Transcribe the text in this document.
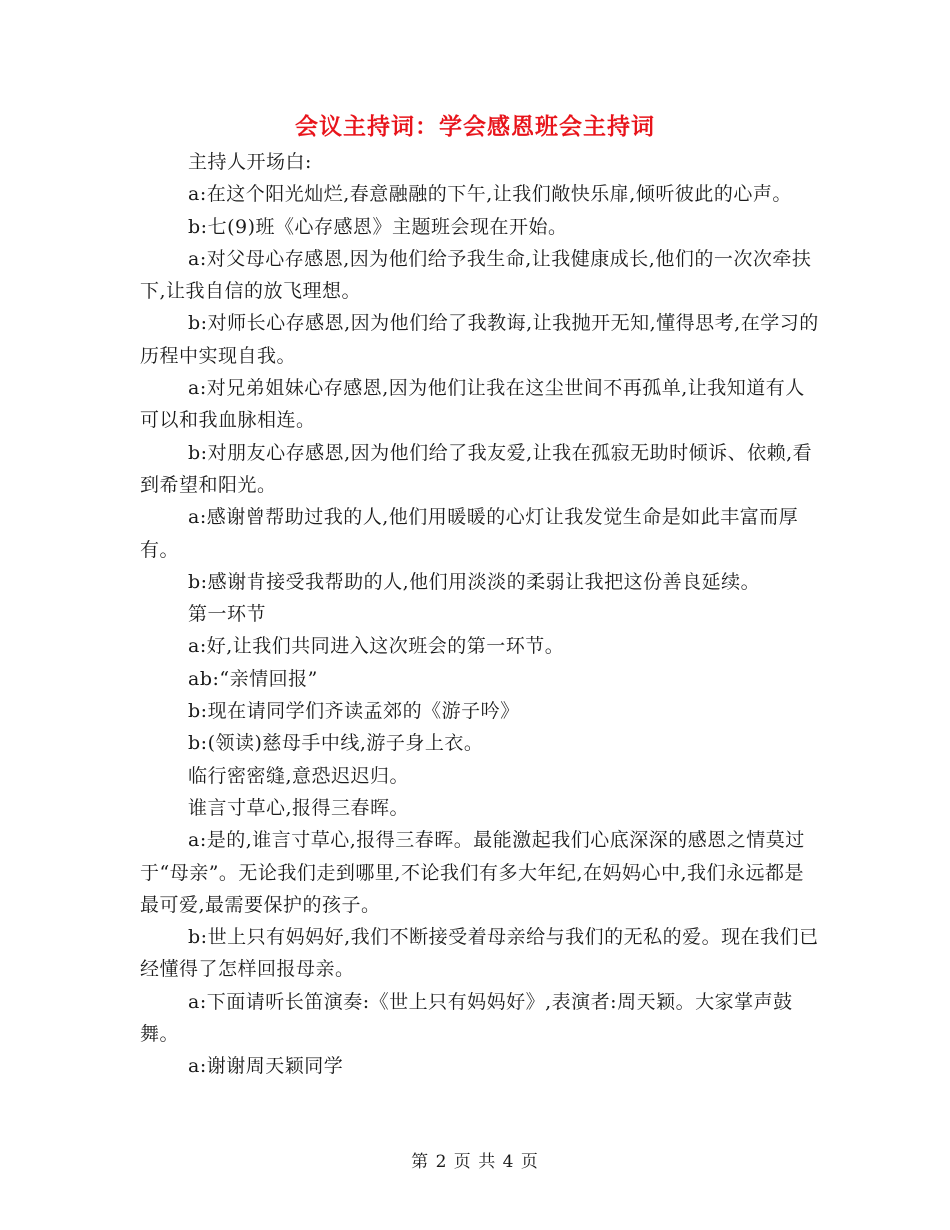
会议主持词：学会感恩班会主持词

主持人开场白:

a:在这个阳光灿烂,春意融融的下午,让我们敞快乐扉,倾听彼此的心声。

b:七(9)班《心存感恩》主题班会现在开始。

a:对父母心存感恩,因为他们给予我生命,让我健康成长,他们的一次次牵扶下,让我自信的放飞理想。

b:对师长心存感恩,因为他们给了我教诲,让我抛开无知,懂得思考,在学习的历程中实现自我。

a:对兄弟姐妹心存感恩,因为他们让我在这尘世间不再孤单,让我知道有人可以和我血脉相连。

b:对朋友心存感恩,因为他们给了我友爱,让我在孤寂无助时倾诉、依赖,看到希望和阳光。

a:感谢曾帮助过我的人,他们用暖暖的心灯让我发觉生命是如此丰富而厚有。

b:感谢肯接受我帮助的人,他们用淡淡的柔弱让我把这份善良延续。

第一环节

a:好,让我们共同进入这次班会的第一环节。

ab:“亲情回报”

b:现在请同学们齐读孟郊的《游子吟》

b:(领读)慈母手中线,游子身上衣。

临行密密缝,意恐迟迟归。

谁言寸草心,报得三春晖。

a:是的,谁言寸草心,报得三春晖。最能激起我们心底深深的感恩之情莫过于“母亲”。无论我们走到哪里,不论我们有多大年纪,在妈妈心中,我们永远都是最可爱,最需要保护的孩子。

b:世上只有妈妈好,我们不断接受着母亲给与我们的无私的爱。现在我们已经懂得了怎样回报母亲。

a:下面请听长笛演奏:《世上只有妈妈好》,表演者:周天颖。大家掌声鼓舞。

a:谢谢周天颖同学

第 2 页 共 4 页
